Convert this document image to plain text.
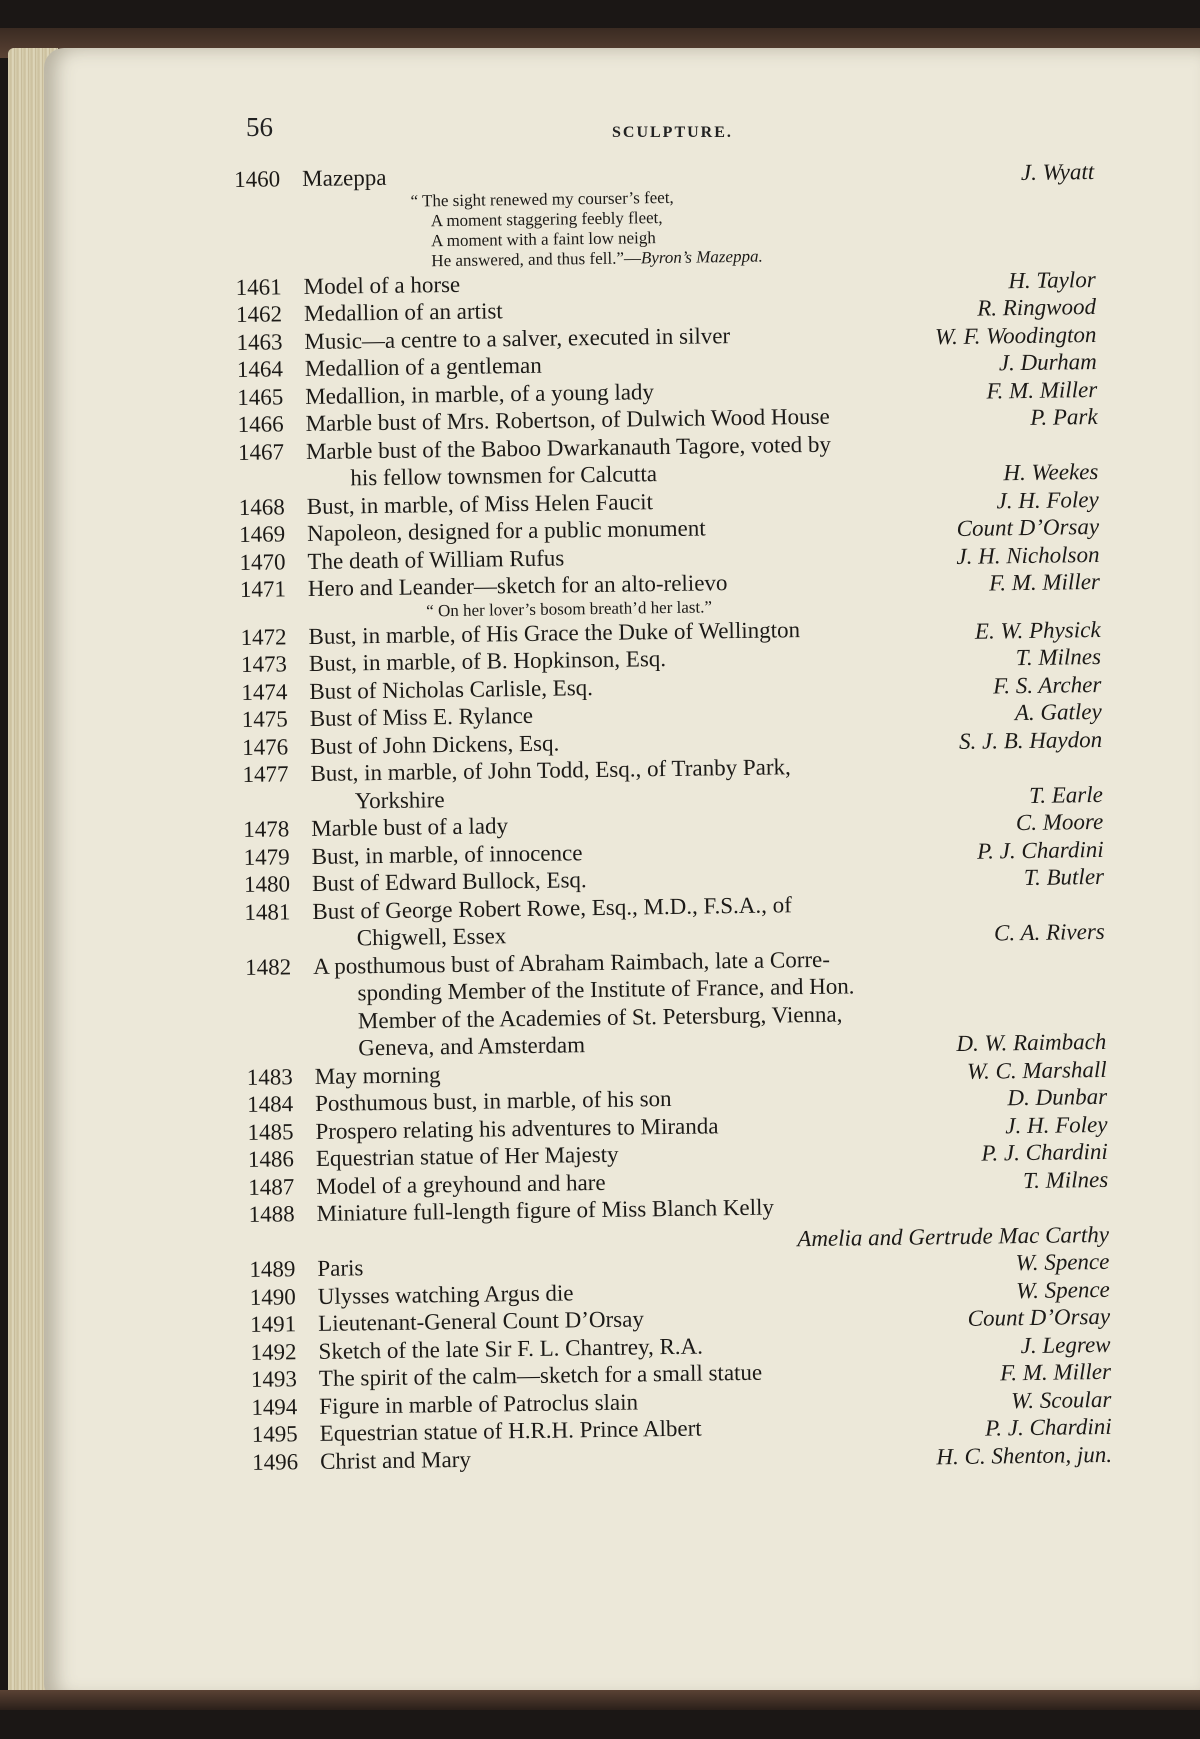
56	SCULPTURE.
1460 Mazeppa	J. Wyatt
“ The sight renewed my courser’s feet,
A moment staggering feebly fleet,
A moment with a faint low neigh
He answered, and thus fell.”—Byron’s Mazeppa.
1461 Model of a horse	H. Taylor
1462 Medallion of an artist	R. Ringwood
1463 Music—a centre to a salver, executed in silver	W. F. Woodington
1464 Medallion of a gentleman	J. Durham
1465 Medallion, in marble, of a young lady	F. M. Miller
1466 Marble bust of Mrs. Robertson, of Dulwich Wood House	P. Park
1467 Marble bust of the Baboo Dwarkanauth Tagore, voted by
his fellow townsmen for Calcutta	H. Weekes
1468 Bust, in marble, of Miss Helen Faucit	J. H. Foley
1469 Napoleon, designed for a public monument	Count D’Orsay
1470 The death of William Rufus	J. H. Nicholson
1471 Hero and Leander—sketch for an alto-relievo	F. M. Miller
“ On her lover’s bosom breath’d her last.”
1472 Bust, in marble, of His Grace the Duke of Wellington	E. W. Physick
1473 Bust, in marble, of B. Hopkinson, Esq.	T. Milnes
1474 Bust of Nicholas Carlisle, Esq.	F. S. Archer
1475 Bust of Miss E. Rylance	A. Gatley
1476 Bust of John Dickens, Esq.	S. J. B. Haydon
1477 Bust, in marble, of John Todd, Esq., of Tranby Park,
Yorkshire	T. Earle
1478 Marble bust of a lady	C. Moore
1479 Bust, in marble, of innocence	P. J. Chardini
1480 Bust of Edward Bullock, Esq.	T. Butler
1481 Bust of George Robert Rowe, Esq., M.D., F.S.A., of
Chigwell, Essex	C. A. Rivers
1482 A posthumous bust of Abraham Raimbach, late a Corre-
sponding Member of the Institute of France, and Hon.
Member of the Academies of St. Petersburg, Vienna,
Geneva, and Amsterdam	D. W. Raimbach
1483 May morning	W. C. Marshall
1484 Posthumous bust, in marble, of his son	D. Dunbar
1485 Prospero relating his adventures to Miranda	J. H. Foley
1486 Equestrian statue of Her Majesty	P. J. Chardini
1487 Model of a greyhound and hare	T. Milnes
1488 Miniature full-length figure of Miss Blanch Kelly
Amelia and Gertrude Mac Carthy
1489 Paris	W. Spence
1490 Ulysses watching Argus die	W. Spence
1491 Lieutenant-General Count D’Orsay	Count D’Orsay
1492 Sketch of the late Sir F. L. Chantrey, R.A.	J. Legrew
1493 The spirit of the calm—sketch for a small statue	F. M. Miller
1494 Figure in marble of Patroclus slain	W. Scoular
1495 Equestrian statue of H.R.H. Prince Albert	P. J. Chardini
1496 Christ and Mary	H. C. Shenton, jun.
